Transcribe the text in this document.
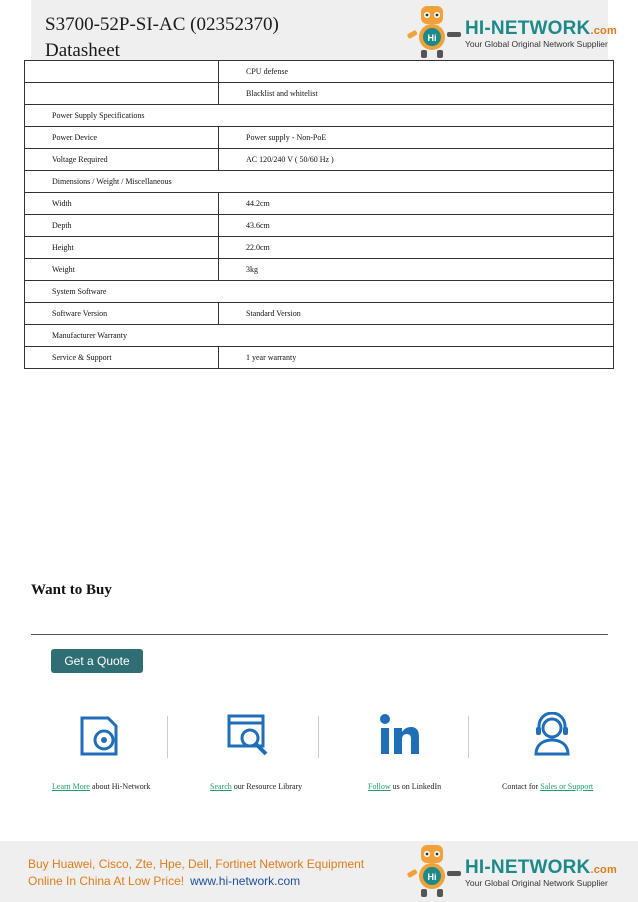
S3700-52P-SI-AC (02352370)
Datasheet
Hi HI-NETWORK.com
Your Global Original Network Supplier
	CPU defense
	Blacklist and whitelist
Power Supply Specifications	
Power Device	Power supply - Non-PoE
Voltage Required	AC 120/240 V ( 50/60 Hz )
Dimensions / Weight / Miscellaneous	
Width	44.2cm
Depth	43.6cm
Height	22.0cm
Weight	3kg
System Software	
Software Version	Standard Version
Manufacturer Warranty	
Service & Support	1 year warranty
Want to Buy
Get a Quote
Learn More about Hi-Network	Search our Resource Library	Follow us on LinkedIn	Contact for Sales or Support
Buy Huawei, Cisco, Zte, Hpe, Dell, Fortinet Network Equipment
Online In China At Low Price! www.hi-network.com	Hi HI-NETWORK.com
Your Global Original Network Supplier
